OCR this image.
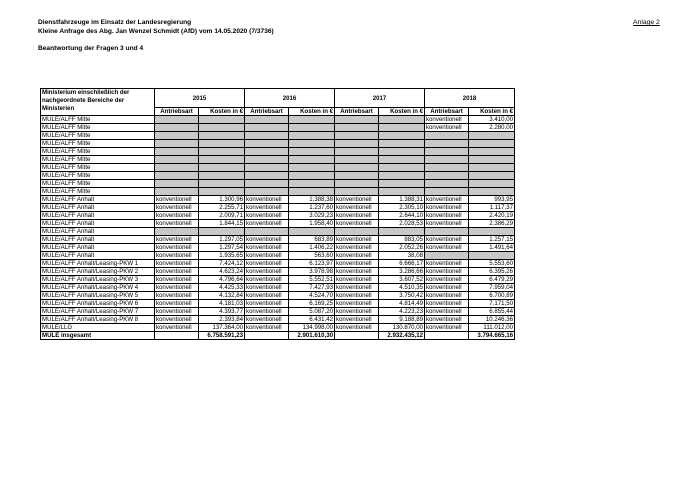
Anlage 2
Dienstfahrzeuge im Einsatz der Landesregierung
Kleine Anfrage des Abg. Jan Wenzel Schmidt (AfD) vom 14.05.2020 (7/3736)
Beantwortung der Fragen 3 und 4
Ministerium einschließlich der nachgeordnete Bereiche der Ministerien	2015		2016		2017		2018	
	Antriebsart	Kosten in €	Antriebsart	Kosten in €	Antriebsart	Kosten in €	Antriebsart	Kosten in €
MULE/ALFF Mitte							konventionell	3.410,00
MULE/ALFF Mitte							konventionell	2.280,00
MULE/ALFF Mitte								
MULE/ALFF Mitte								
MULE/ALFF Mitte								
MULE/ALFF Mitte								
MULE/ALFF Mitte								
MULE/ALFF Mitte								
MULE/ALFF Mitte								
MULE/ALFF Mitte								
MULE/ALFF Anhalt	konventionell	1.300,96	konventionell	1.388,38	konventionell	1.388,31	konventionell	993,95
MULE/ALFF Anhalt	konventionell	2.255,71	konventionell	1.237,60	konventionell	2.305,10	konventionell	1.117,37
MULE/ALFF Anhalt	konventionell	2.009,71	konventionell	3.029,23	konventionell	2.644,10	konventionell	2.420,19
MULE/ALFF Anhalt	konventionell	1.844,15	konventionell	1.958,40	konventionell	2.028,53	konventionell	2.386,29
MULE/ALFF Anhalt								
MULE/ALFF Anhalt	konventionell	1.297,05	konventionell	683,89	konventionell	883,05	konventionell	1.257,15
MULE/ALFF Anhalt	konventionell	1.297,54	konventionell	1.406,22	konventionell	2.052,26	konventionell	1.491,64
MULE/ALFF Anhalt	konventionell	1.935,65	konventionell	563,60	konventionell	38,08		
MULE/ALFF Anhalt/Leasing-PKW 1	konventionell	7.424,12	konventionell	6.123,97	konventionell	6.666,17	konventionell	5.553,60
MULE/ALFF Anhalt/Leasing-PKW 2	konventionell	4.623,24	konventionell	3.978,98	konventionell	3.286,66	konventionell	6.395,26
MULE/ALFF Anhalt/Leasing-PKW 3	konventionell	4.796,64	konventionell	5.552,51	konventionell	3.607,52	konventionell	6.479,29
MULE/ALFF Anhalt/Leasing-PKW 4	konventionell	4.425,33	konventionell	7.427,93	konventionell	4.510,35	konventionell	7.959,04
MULE/ALFF Anhalt/Leasing-PKW 5	konventionell	4.132,84	konventionell	4.524,70	konventionell	3.750,42	konventionell	6.700,89
MULE/ALFF Anhalt/Leasing-PKW 6	konventionell	4.181,03	konventionell	6.169,25	konventionell	4.814,49	konventionell	7.171,50
MULE/ALFF Anhalt/Leasing-PKW 7	konventionell	4.393,77	konventionell	5.087,20	konventionell	4.223,23	konventionell	6.855,44
MULE/ALFF Anhalt/Leasing-PKW 8	konventionell	2.393,84	konventionell	6.431,42	konventionell	9.188,89	konventionell	10.246,36
MULE/LLG	konventionell	137.364,00	konventionell	134.998,00	konventionell	130.870,00	konventionell	111.012,00
MULE insgesamt		6.758.591,23		2.901.610,30		2.932.435,12		3.794.665,16
